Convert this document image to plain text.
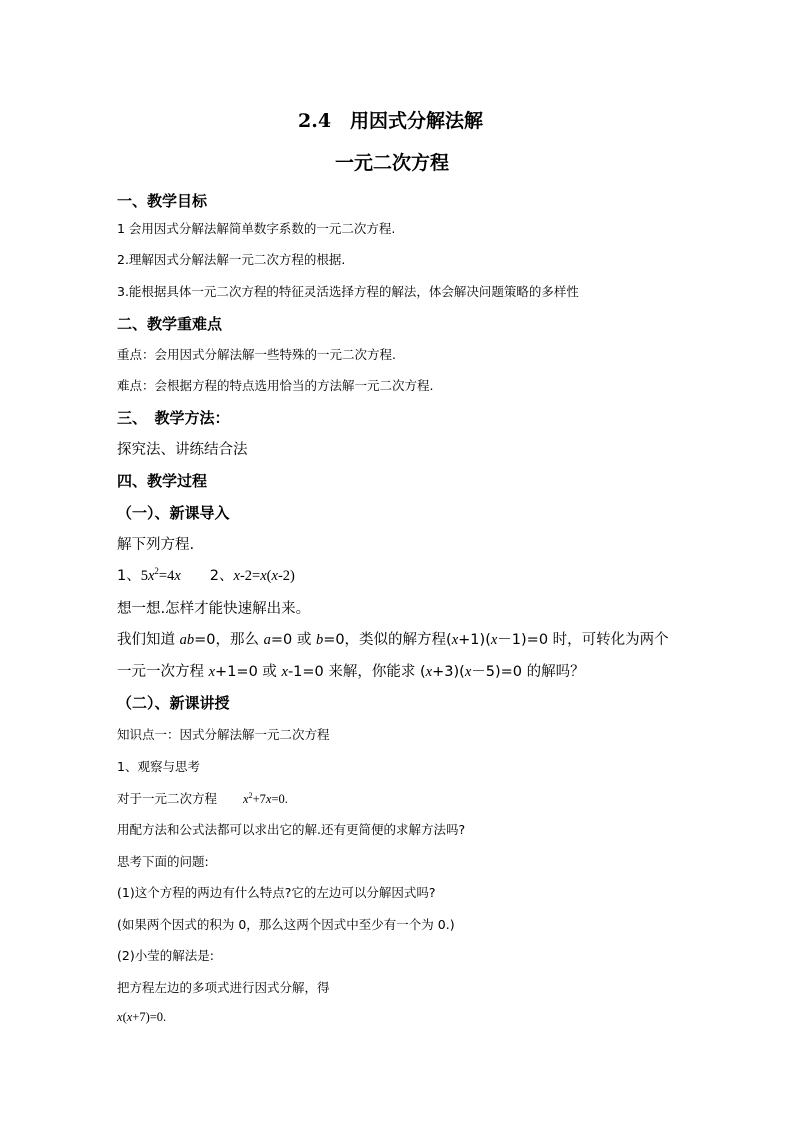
2.4　用因式分解法解
一元二次方程
一、教学目标
1 会用因式分解法解简单数字系数的一元二次方程.
2.理解因式分解法解一元二次方程的根据.
3.能根据具体一元二次方程的特征灵活选择方程的解法，体会解决问题策略的多样性
二、教学重难点
重点：会用因式分解法解一些特殊的一元二次方程.
难点：会根据方程的特点选用恰当的方法解一元二次方程.
三、　教学方法：
探究法、讲练结合法
四、教学过程
（一）、新课导入
解下列方程.
1、$5x^2=4x$　　 2、x-2=x(x-2)
想一想.怎样才能快速解出来。
我们知道 ab=0，那么 a=0 或 b=0，类似的解方程(x+1)(x－1)=0 时，可转化为两个
一元一次方程 x+1=0 或 x-1=0 来解，你能求 (x+3)(x－5)=0 的解吗？
（二）、新课讲授
知识点一：因式分解法解一元二次方程
1、观察与思考
对于一元二次方程 $x^2+7x=0$.
用配方法和公式法都可以求出它的解.还有更简便的求解方法吗?
思考下面的问题:
(1)这个方程的两边有什么特点?它的左边可以分解因式吗?
(如果两个因式的积为 0，那么这两个因式中至少有一个为 0.)
(2)小莹的解法是:
把方程左边的多项式进行因式分解，得
x(x+7)=0.
